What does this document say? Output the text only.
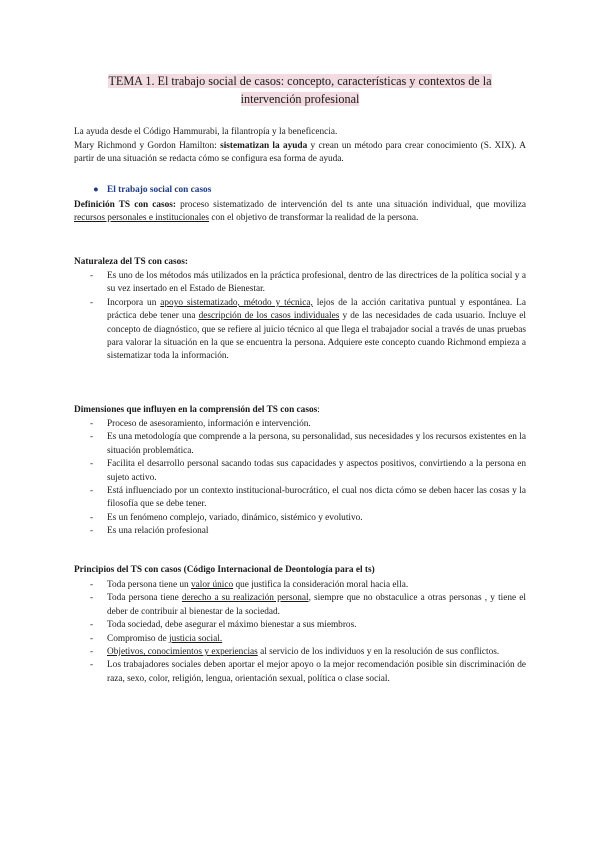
TEMA 1. El trabajo social de casos: concepto, características y contextos de la
intervención profesional
La ayuda desde el Código Hammurabi, la filantropía y la beneficencia.
Mary Richmond y Gordon Hamilton: sistematizan la ayuda y crean un método para crear conocimiento (S. XIX). A partir de una situación se redacta cómo se configura esa forma de ayuda.
● El trabajo social con casos
Definición TS con casos: proceso sistematizado de intervención del ts ante una situación individual, que moviliza recursos personales e institucionales con el objetivo de transformar la realidad de la persona.
Naturaleza del TS con casos:
- Es uno de los métodos más utilizados en la práctica profesional, dentro de las directrices de la política social y a su vez insertado en el Estado de Bienestar.
- Incorpora un apoyo sistematizado, método y técnica, lejos de la acción caritativa puntual y espontánea. La práctica debe tener una descripción de los casos individuales y de las necesidades de cada usuario. Incluye el concepto de diagnóstico, que se refiere al juicio técnico al que llega el trabajador social a través de unas pruebas para valorar la situación en la que se encuentra la persona. Adquiere este concepto cuando Richmond empieza a sistematizar toda la información.
Dimensiones que influyen en la comprensión del TS con casos:
- Proceso de asesoramiento, información e intervención.
- Es una metodología que comprende a la persona, su personalidad, sus necesidades y los recursos existentes en la situación problemática.
- Facilita el desarrollo personal sacando todas sus capacidades y aspectos positivos, convirtiendo a la persona en sujeto activo.
- Está influenciado por un contexto institucional-burocrático, el cual nos dicta cómo se deben hacer las cosas y la filosofía que se debe tener.
- Es un fenómeno complejo, variado, dinámico, sistémico y evolutivo.
- Es una relación profesional
Principios del TS con casos (Código Internacional de Deontología para el ts)
- Toda persona tiene un valor único que justifica la consideración moral hacia ella.
- Toda persona tiene derecho a su realización personal, siempre que no obstaculice a otras personas , y tiene el deber de contribuir al bienestar de la sociedad.
- Toda sociedad, debe asegurar el máximo bienestar a sus miembros.
- Compromiso de justicia social.
- Objetivos, conocimientos y experiencias al servicio de los individuos y en la resolución de sus conflictos.
- Los trabajadores sociales deben aportar el mejor apoyo o la mejor recomendación posible sin discriminación de raza, sexo, color, religión, lengua, orientación sexual, política o clase social.
